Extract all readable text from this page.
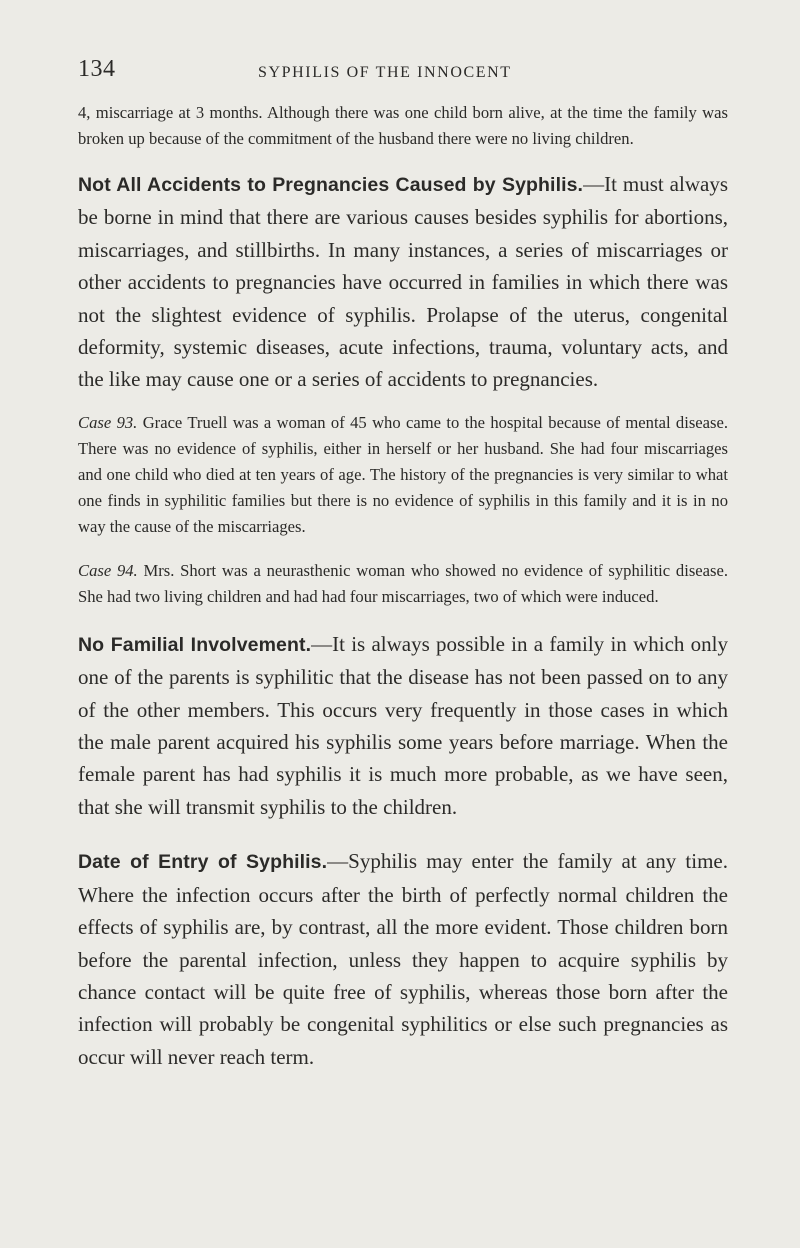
134	SYPHILIS OF THE INNOCENT

4, miscarriage at 3 months. Although there was one child born alive, at the time the family was broken up because of the commitment of the husband there were no living children.

Not All Accidents to Pregnancies Caused by Syphilis.—It must always be borne in mind that there are various causes besides syphilis for abortions, miscarriages, and stillbirths. In many instances, a series of miscarriages or other accidents to pregnancies have occurred in families in which there was not the slightest evidence of syphilis. Prolapse of the uterus, congenital deformity, systemic diseases, acute infections, trauma, voluntary acts, and the like may cause one or a series of accidents to pregnancies.

Case 93. Grace Truell was a woman of 45 who came to the hospital because of mental disease. There was no evidence of syphilis, either in herself or her husband. She had four miscarriages and one child who died at ten years of age. The history of the pregnancies is very similar to what one finds in syphilitic families but there is no evidence of syphilis in this family and it is in no way the cause of the miscarriages.

Case 94. Mrs. Short was a neurasthenic woman who showed no evidence of syphilitic disease. She had two living children and had had four miscarriages, two of which were induced.

No Familial Involvement.—It is always possible in a family in which only one of the parents is syphilitic that the disease has not been passed on to any of the other members. This occurs very frequently in those cases in which the male parent acquired his syphilis some years before marriage. When the female parent has had syphilis it is much more probable, as we have seen, that she will transmit syphilis to the children.

Date of Entry of Syphilis.—Syphilis may enter the family at any time. Where the infection occurs after the birth of perfectly normal children the effects of syphilis are, by contrast, all the more evident. Those children born before the parental infection, unless they happen to acquire syphilis by chance contact will be quite free of syphilis, whereas those born after the infection will probably be congenital syphilitics or else such pregnancies as occur will never reach term.
